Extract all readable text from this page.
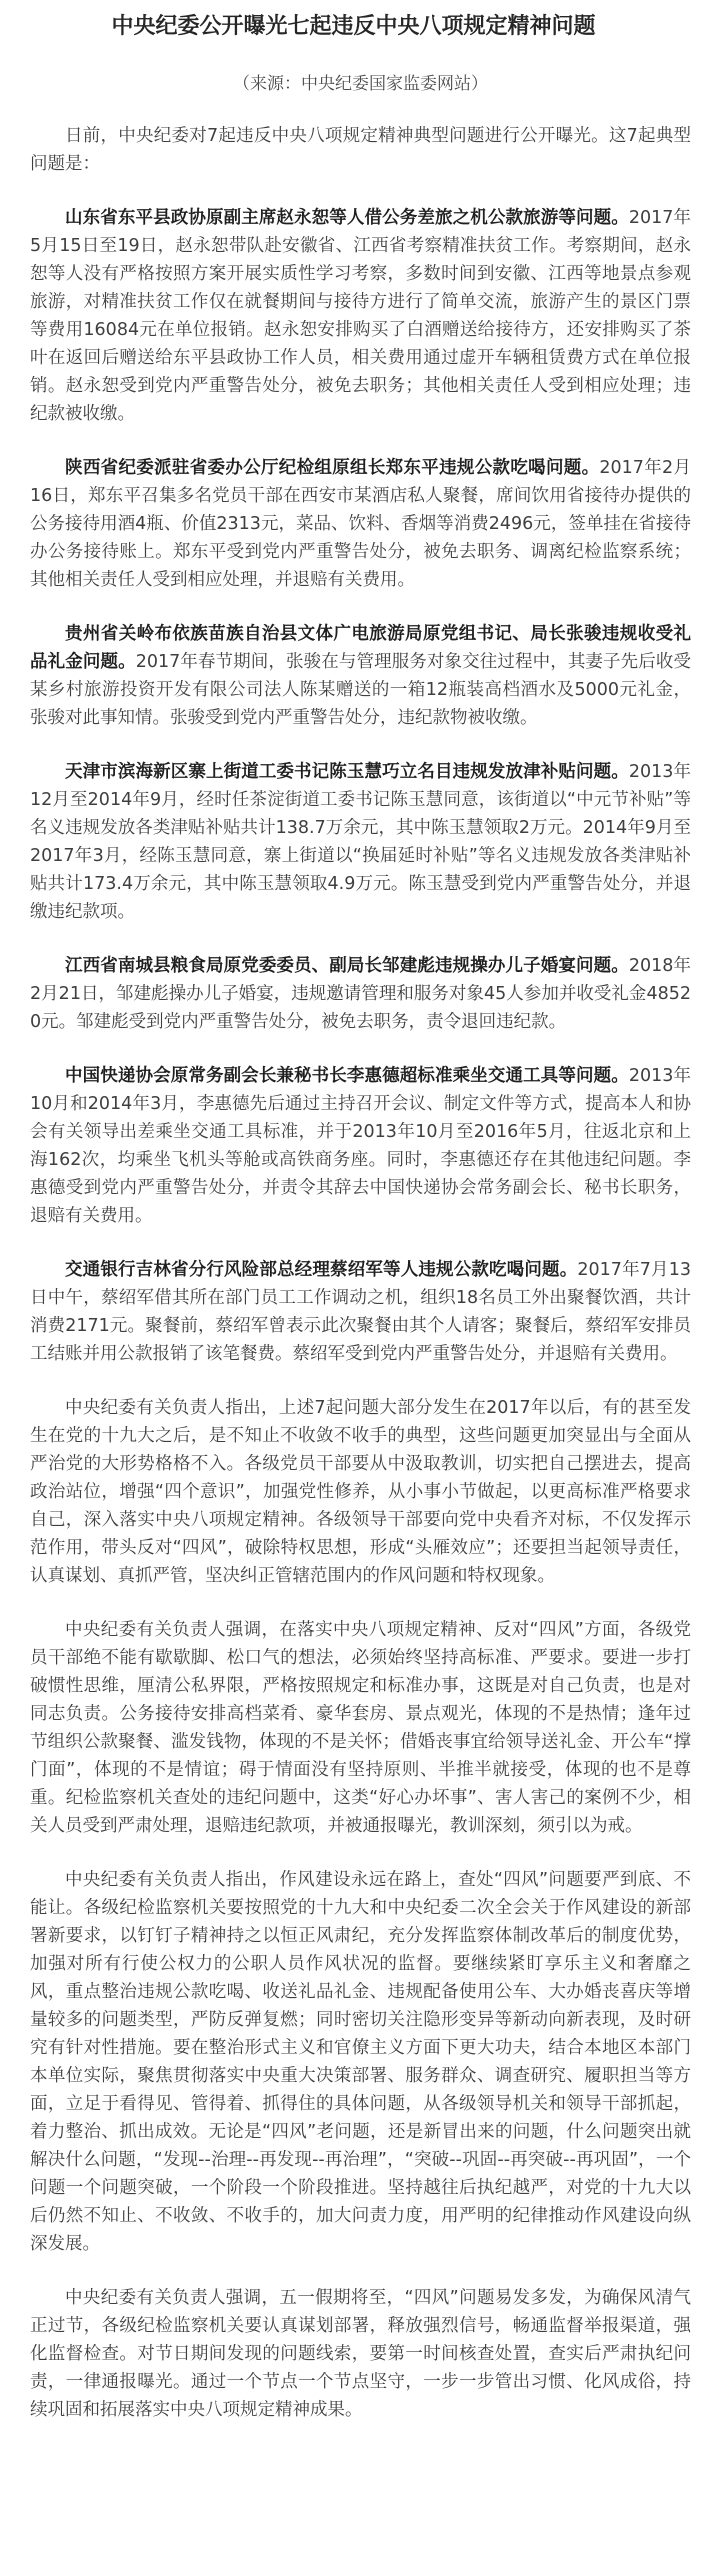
中央纪委公开曝光七起违反中央八项规定精神问题
（来源：中央纪委国家监委网站）

日前，中央纪委对7起违反中央八项规定精神典型问题进行公开曝光。这7起典型问题是：

山东省东平县政协原副主席赵永恕等人借公务差旅之机公款旅游等问题。2017年5月15日至19日，赵永恕带队赴安徽省、江西省考察精准扶贫工作。考察期间，赵永恕等人没有严格按照方案开展实质性学习考察，多数时间到安徽、江西等地景点参观旅游，对精准扶贫工作仅在就餐期间与接待方进行了简单交流，旅游产生的景区门票等费用16084元在单位报销。赵永恕安排购买了白酒赠送给接待方，还安排购买了茶叶在返回后赠送给东平县政协工作人员，相关费用通过虚开车辆租赁费方式在单位报销。赵永恕受到党内严重警告处分，被免去职务；其他相关责任人受到相应处理；违纪款被收缴。

陕西省纪委派驻省委办公厅纪检组原组长郑东平违规公款吃喝问题。2017年2月16日，郑东平召集多名党员干部在西安市某酒店私人聚餐，席间饮用省接待办提供的公务接待用酒4瓶、价值2313元，菜品、饮料、香烟等消费2496元，签单挂在省接待办公务接待账上。郑东平受到党内严重警告处分，被免去职务、调离纪检监察系统；其他相关责任人受到相应处理，并退赔有关费用。

贵州省关岭布依族苗族自治县文体广电旅游局原党组书记、局长张骏违规收受礼品礼金问题。2017年春节期间，张骏在与管理服务对象交往过程中，其妻子先后收受某乡村旅游投资开发有限公司法人陈某赠送的一箱12瓶装高档酒水及5000元礼金，张骏对此事知情。张骏受到党内严重警告处分，违纪款物被收缴。

天津市滨海新区寨上街道工委书记陈玉慧巧立名目违规发放津补贴问题。2013年12月至2014年9月，经时任茶淀街道工委书记陈玉慧同意，该街道以“中元节补贴”等名义违规发放各类津贴补贴共计138.7万余元，其中陈玉慧领取2万元。2014年9月至2017年3月，经陈玉慧同意，寨上街道以“换届延时补贴”等名义违规发放各类津贴补贴共计173.4万余元，其中陈玉慧领取4.9万元。陈玉慧受到党内严重警告处分，并退缴违纪款项。

江西省南城县粮食局原党委委员、副局长邹建彪违规操办儿子婚宴问题。2018年2月21日，邹建彪操办儿子婚宴，违规邀请管理和服务对象45人参加并收受礼金48520元。邹建彪受到党内严重警告处分，被免去职务，责令退回违纪款。

中国快递协会原常务副会长兼秘书长李惠德超标准乘坐交通工具等问题。2013年10月和2014年3月，李惠德先后通过主持召开会议、制定文件等方式，提高本人和协会有关领导出差乘坐交通工具标准，并于2013年10月至2016年5月，往返北京和上海162次，均乘坐飞机头等舱或高铁商务座。同时，李惠德还存在其他违纪问题。李惠德受到党内严重警告处分，并责令其辞去中国快递协会常务副会长、秘书长职务，退赔有关费用。

交通银行吉林省分行风险部总经理蔡绍军等人违规公款吃喝问题。2017年7月13日中午，蔡绍军借其所在部门员工工作调动之机，组织18名员工外出聚餐饮酒，共计消费2171元。聚餐前，蔡绍军曾表示此次聚餐由其个人请客；聚餐后，蔡绍军安排员工结账并用公款报销了该笔餐费。蔡绍军受到党内严重警告处分，并退赔有关费用。

中央纪委有关负责人指出，上述7起问题大部分发生在2017年以后，有的甚至发生在党的十九大之后，是不知止不收敛不收手的典型，这些问题更加突显出与全面从严治党的大形势格格不入。各级党员干部要从中汲取教训，切实把自己摆进去，提高政治站位，增强“四个意识”，加强党性修养，从小事小节做起，以更高标准严格要求自己，深入落实中央八项规定精神。各级领导干部要向党中央看齐对标，不仅发挥示范作用，带头反对“四风”，破除特权思想，形成“头雁效应”；还要担当起领导责任，认真谋划、真抓严管，坚决纠正管辖范围内的作风问题和特权现象。

中央纪委有关负责人强调，在落实中央八项规定精神、反对“四风”方面，各级党员干部绝不能有歇歇脚、松口气的想法，必须始终坚持高标准、严要求。要进一步打破惯性思维，厘清公私界限，严格按照规定和标准办事，这既是对自己负责，也是对同志负责。公务接待安排高档菜肴、豪华套房、景点观光，体现的不是热情；逢年过节组织公款聚餐、滥发钱物，体现的不是关怀；借婚丧事宜给领导送礼金、开公车“撑门面”，体现的不是情谊；碍于情面没有坚持原则、半推半就接受，体现的也不是尊重。纪检监察机关查处的违纪问题中，这类“好心办坏事”、害人害己的案例不少，相关人员受到严肃处理，退赔违纪款项，并被通报曝光，教训深刻，须引以为戒。

中央纪委有关负责人指出，作风建设永远在路上，查处“四风”问题要严到底、不能让。各级纪检监察机关要按照党的十九大和中央纪委二次全会关于作风建设的新部署新要求，以钉钉子精神持之以恒正风肃纪，充分发挥监察体制改革后的制度优势，加强对所有行使公权力的公职人员作风状况的监督。要继续紧盯享乐主义和奢靡之风，重点整治违规公款吃喝、收送礼品礼金、违规配备使用公车、大办婚丧喜庆等增量较多的问题类型，严防反弹复燃；同时密切关注隐形变异等新动向新表现，及时研究有针对性措施。要在整治形式主义和官僚主义方面下更大功夫，结合本地区本部门本单位实际，聚焦贯彻落实中央重大决策部署、服务群众、调查研究、履职担当等方面，立足于看得见、管得着、抓得住的具体问题，从各级领导机关和领导干部抓起，着力整治、抓出成效。无论是“四风”老问题，还是新冒出来的问题，什么问题突出就解决什么问题，“发现--治理--再发现--再治理”，“突破--巩固--再突破--再巩固”，一个问题一个问题突破，一个阶段一个阶段推进。坚持越往后执纪越严，对党的十九大以后仍然不知止、不收敛、不收手的，加大问责力度，用严明的纪律推动作风建设向纵深发展。

中央纪委有关负责人强调，五一假期将至，“四风”问题易发多发，为确保风清气正过节，各级纪检监察机关要认真谋划部署，释放强烈信号，畅通监督举报渠道，强化监督检查。对节日期间发现的问题线索，要第一时间核查处置，查实后严肃执纪问责，一律通报曝光。通过一个节点一个节点坚守，一步一步管出习惯、化风成俗，持续巩固和拓展落实中央八项规定精神成果。
